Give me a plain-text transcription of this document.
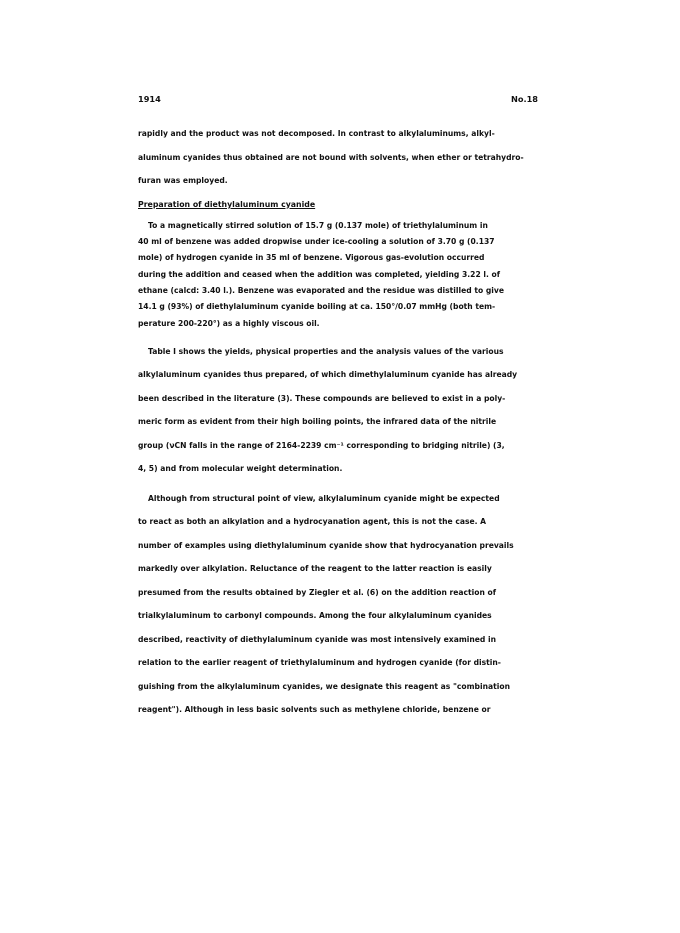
1914	No.18
rapidly and the product was not decomposed. In contrast to alkylaluminums, alkyl-
aluminum cyanides thus obtained are not bound with solvents, when ether or tetrahydro-
furan was employed.
Preparation of diethylaluminum cyanide
To a magnetically stirred solution of 15.7 g (0.137 mole) of triethylaluminum in
40 ml of benzene was added dropwise under ice-cooling a solution of 3.70 g (0.137
mole) of hydrogen cyanide in 35 ml of benzene. Vigorous gas-evolution occurred
during the addition and ceased when the addition was completed, yielding 3.22 l. of
ethane (calcd: 3.40 l.). Benzene was evaporated and the residue was distilled to give
14.1 g (93%) of diethylaluminum cyanide boiling at ca. 150°/0.07 mmHg (both tem-
perature 200-220°) as a highly viscous oil.
Table I shows the yields, physical properties and the analysis values of the various
alkylaluminum cyanides thus prepared, of which dimethylaluminum cyanide has already
been described in the literature (3). These compounds are believed to exist in a poly-
meric form as evident from their high boiling points, the infrared data of the nitrile
group (νCN falls in the range of 2164-2239 cm⁻¹ corresponding to bridging nitrile) (3,
4, 5) and from molecular weight determination.
Although from structural point of view, alkylaluminum cyanide might be expected
to react as both an alkylation and a hydrocyanation agent, this is not the case. A
number of examples using diethylaluminum cyanide show that hydrocyanation prevails
markedly over alkylation. Reluctance of the reagent to the latter reaction is easily
presumed from the results obtained by Ziegler et al. (6) on the addition reaction of
trialkylaluminum to carbonyl compounds. Among the four alkylaluminum cyanides
described, reactivity of diethylaluminum cyanide was most intensively examined in
relation to the earlier reagent of triethylaluminum and hydrogen cyanide (for distin-
guishing from the alkylaluminum cyanides, we designate this reagent as "combination
reagent"). Although in less basic solvents such as methylene chloride, benzene or
